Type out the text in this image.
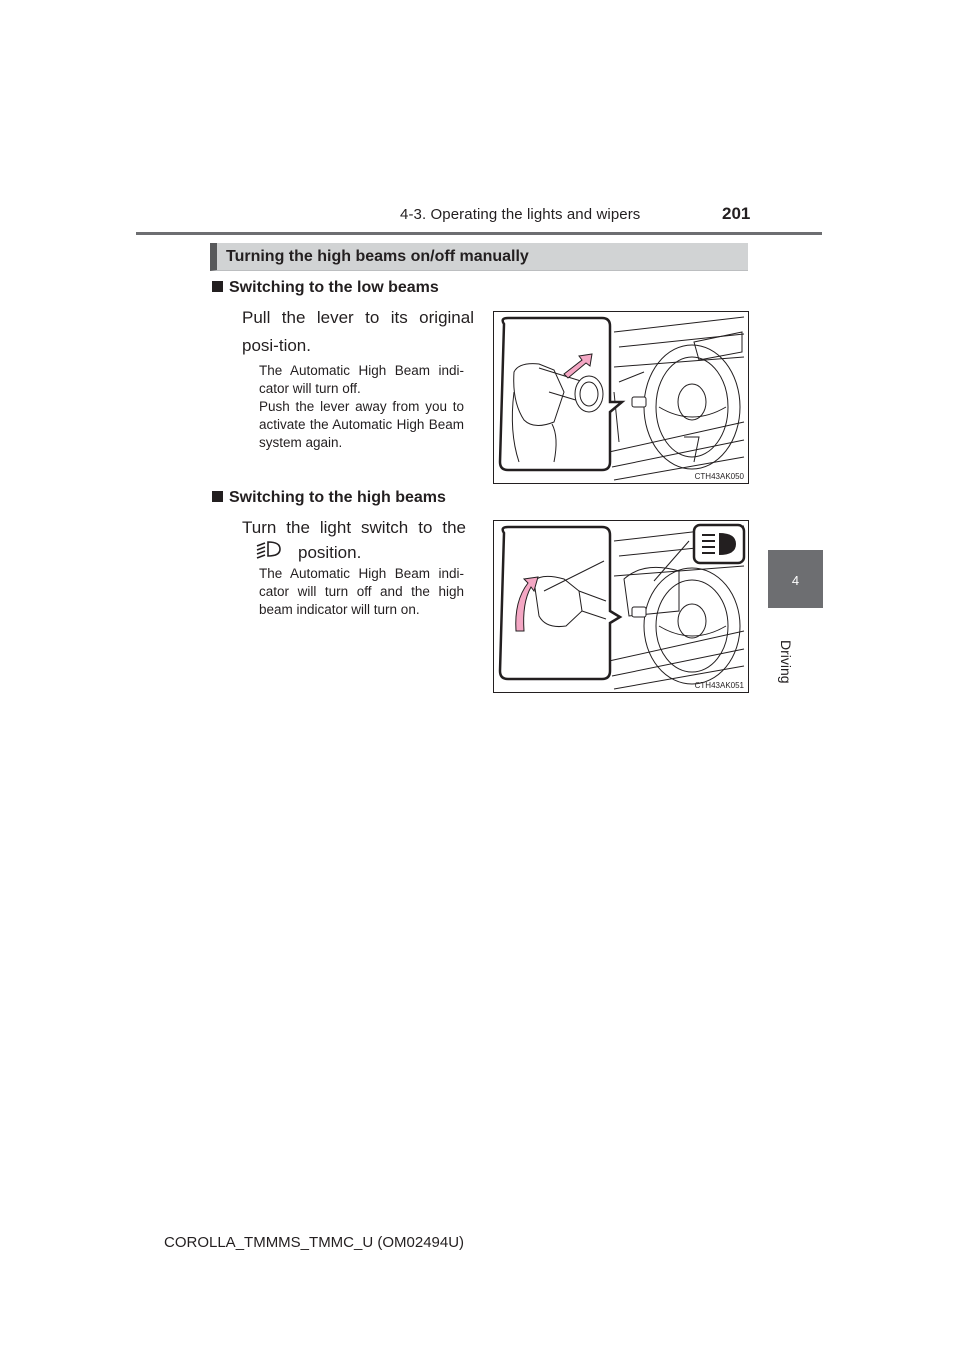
4-3. Operating the lights and wipers	201
4
Driving
Turning the high beams on/off manually
Switching to the low beams
Pull the lever to its original posi-tion.
The Automatic High Beam indi-cator will turn off.
Push the lever away from you to activate the Automatic High Beam system again.
CTH43AK050
Switching to the high beams
Turn the light switch to the
position.
The Automatic High Beam indi-cator will turn off and the high beam indicator will turn on.
CTH43AK051
COROLLA_TMMMS_TMMC_U (OM02494U)
